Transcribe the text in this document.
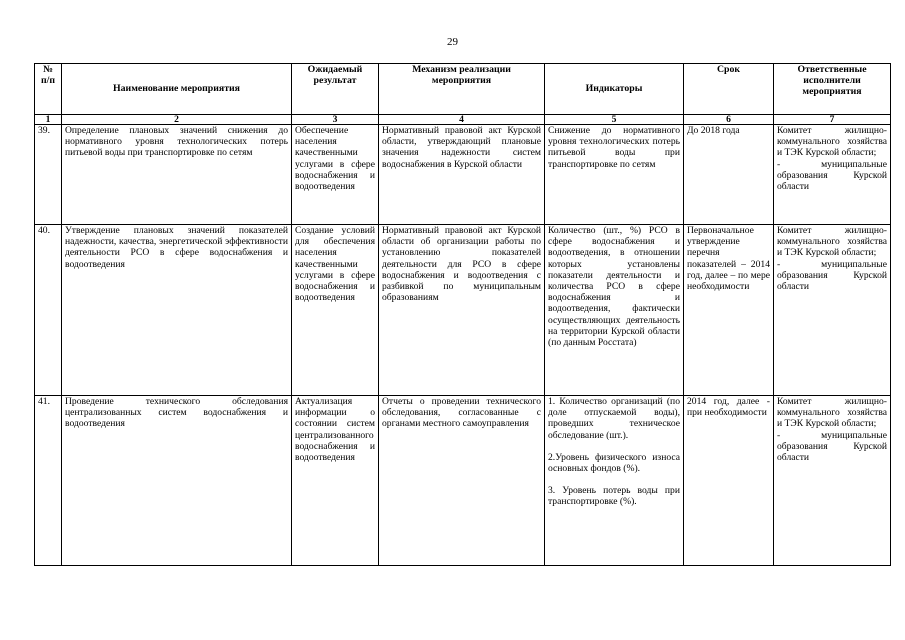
29
№ п/п	Наименование мероприятия	Ожидаемый результат	Механизм реализации мероприятия	Индикаторы	Срок	Ответственные исполнители мероприятия
1	2	3	4	5	6	7
39.	Определение плановых значений снижения до нормативного уровня технологических потерь питьевой воды при транспортировке по сетям	Обеспечение населения качественными услугами в сфере водоснабжения и водоотведения	Нормативный правовой акт Курской области, утверждающий плановые значения надежности систем водоснабжения в Курской области	Снижение до нормативного уровня технологических потерь питьевой воды при транспортировке по сетям	До 2018 года	Комитет жилищно-коммунального хозяйства и ТЭК Курской области;
- муниципальные образования Курской области

40.	Утверждение плановых значений показателей надежности, качества, энергетической эффективности деятельности РСО в сфере водоснабжения и водоотведения	Создание условий для обеспечения населения качественными услугами в сфере водоснабжения и водоотведения	Нормативный правовой акт Курской области об организации работы по установлению показателей деятельности для РСО в сфере водоснабжения и водоотведения с разбивкой по муниципальным образованиям	Количество (шт., %) РСО в сфере водоснабжения и водоотведения, в отношении которых установлены показатели деятельности и количества РСО в сфере водоснабжения и водоотведения, фактически осуществляющих деятельность на территории Курской области (по данным Росстата)	Первоначальное утверждение перечня показателей – 2014 год, далее – по мере необходимости	Комитет жилищно-коммунального хозяйства и ТЭК Курской области;
- муниципальные образования Курской области

41.	Проведение технического обследования централизованных систем водоснабжения и водоотведения	Актуализация информации о состоянии систем централизованного водоснабжения и водоотведения	Отчеты о проведении технического обследования, согласованные с органами местного самоуправления	1. Количество организаций (по доле отпускаемой воды), проведших техническое обследование (шт.).
2.Уровень физического износа основных фондов (%).
3. Уровень потерь воды при транспортировке (%).	2014 год, далее - при необходимости	Комитет жилищно-коммунального хозяйства и ТЭК Курской области;
- муниципальные образования Курской области
